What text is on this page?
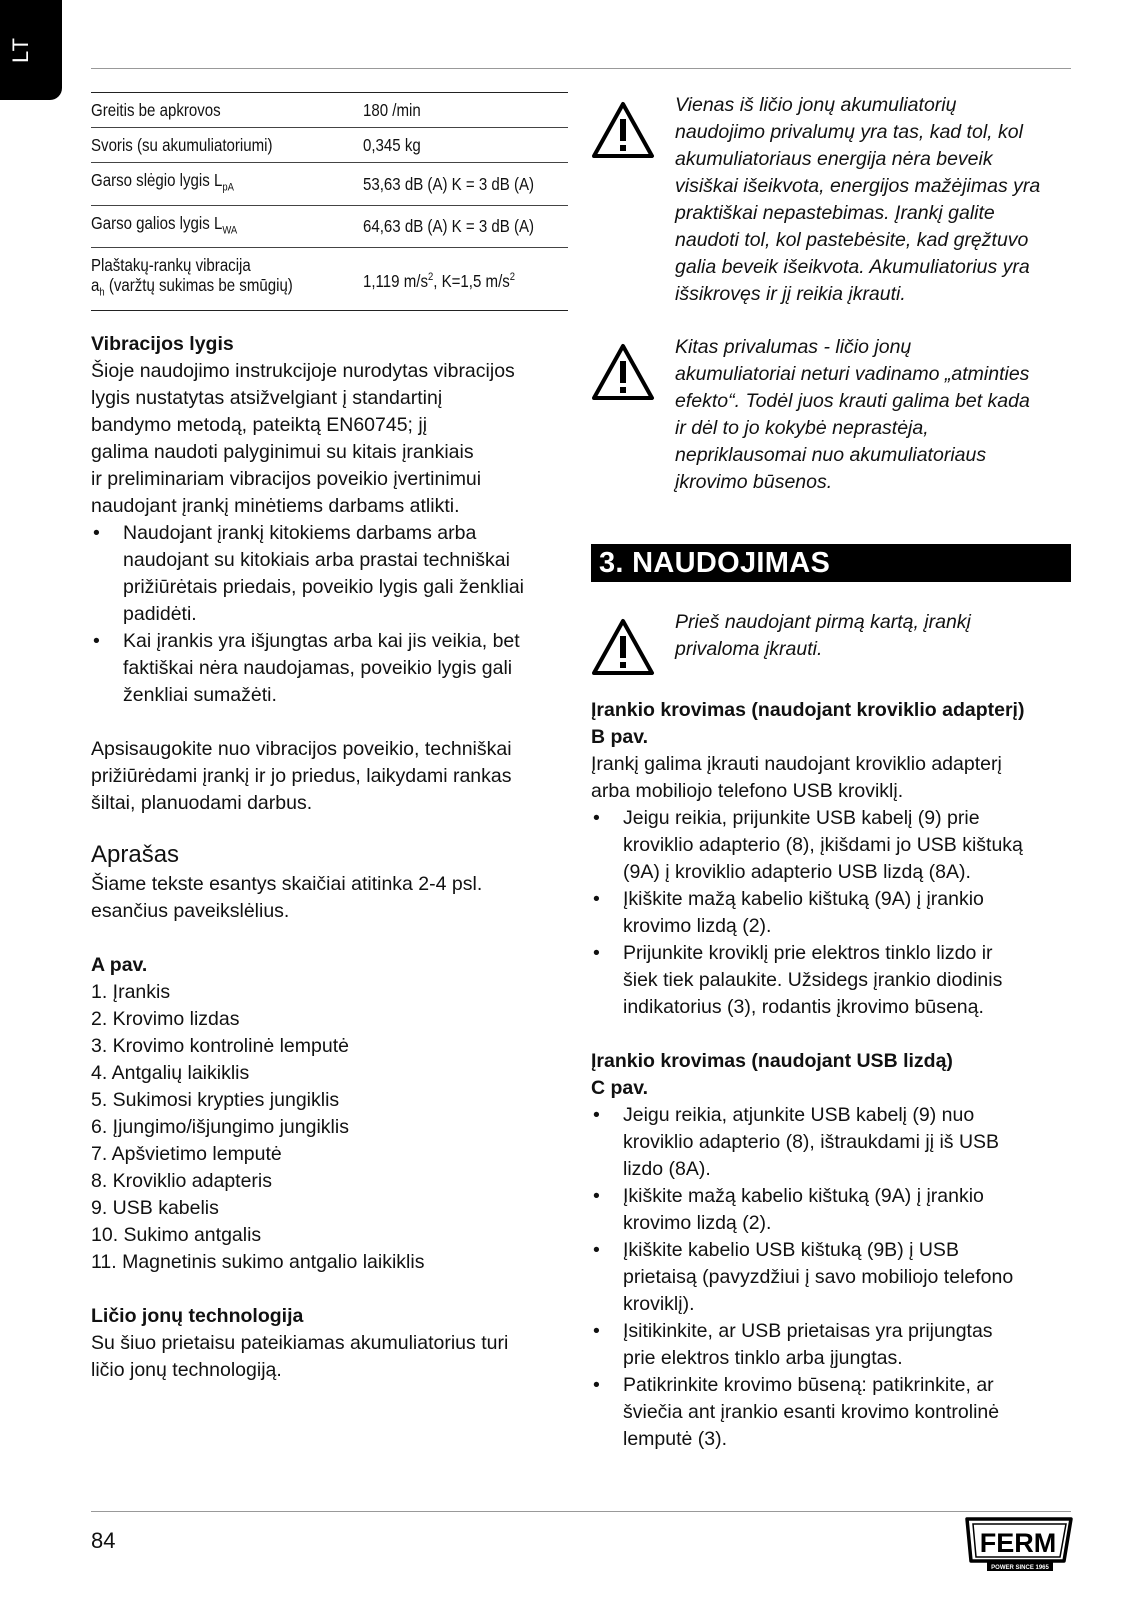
LT
Greitis be apkrovos	180 /min
Svoris (su akumuliatoriumi)	0,345 kg
Garso slėgio lygis $L_{pA}$	53,63 dB (A) K = 3 dB (A)
Garso galios lygis $L_{WA}$	64,63 dB (A) K = 3 dB (A)
Plaštakų-rankų vibracija
$a_h$ (varžtų sukimas be smūgių)	1,119 $m/s^2$, K=1,5 $m/s^2$

Vibracijos lygis

Šioje naudojimo instrukcijoje nurodytas vibracijos
lygis nustatytas atsižvelgiant į standartinį
bandymo metodą, pateiktą EN60745; jį
galima naudoti palyginimui su kitais įrankiais
ir preliminariam vibracijos poveikio įvertinimui
naudojant įrankį minėtiems darbams atlikti.

• Naudojant įrankį kitokiems darbams arba
naudojant su kitokiais arba prastai techniškai
prižiūrėtais priedais, poveikio lygis gali ženkliai
padidėti.
• Kai įrankis yra išjungtas arba kai jis veikia, bet
faktiškai nėra naudojamas, poveikio lygis gali
ženkliai sumažėti.

Apsisaugokite nuo vibracijos poveikio, techniškai
prižiūrėdami įrankį ir jo priedus, laikydami rankas
šiltai, planuodami darbus.

Aprašas

Šiame tekste esantys skaičiai atitinka 2-4 psl.
esančius paveikslėlius.

A pav.

1. Įrankis
2. Krovimo lizdas
3. Krovimo kontrolinė lemputė
4. Antgalių laikiklis
5. Sukimosi krypties jungiklis
6. Įjungimo/išjungimo jungiklis
7. Apšvietimo lemputė
8. Kroviklio adapteris
9. USB kabelis
10. Sukimo antgalis
11. Magnetinis sukimo antgalio laikiklis

Ličio jonų technologija

Su šiuo prietaisu pateikiamas akumuliatorius turi
ličio jonų technologiją.

Vienas iš ličio jonų akumuliatorių
naudojimo privalumų yra tas, kad tol, kol
akumuliatoriaus energija nėra beveik
visiškai išeikvota, energijos mažėjimas yra
praktiškai nepastebimas. Įrankį galite
naudoti tol, kol pastebėsite, kad gręžtuvo
galia beveik išeikvota. Akumuliatorius yra
išsikrovęs ir jį reikia įkrauti.
Kitas privalumas - ličio jonų
akumuliatoriai neturi vadinamo „atminties
efekto“. Todėl juos krauti galima bet kada
ir dėl to jo kokybė neprastėja,
nepriklausomai nuo akumuliatoriaus
įkrovimo būsenos.
3. NAUDOJIMAS
Prieš naudojant pirmą kartą, įrankį
privaloma įkrauti.

Įrankio krovimas (naudojant kroviklio adapterį)
B pav.

Įrankį galima įkrauti naudojant kroviklio adapterį
arba mobiliojo telefono USB kroviklį.

• Jeigu reikia, prijunkite USB kabelį (9) prie
kroviklio adapterio (8), įkišdami jo USB kištuką
(9A) į kroviklio adapterio USB lizdą (8A).
• Įkiškite mažą kabelio kištuką (9A) į įrankio
krovimo lizdą (2).
• Prijunkite kroviklį prie elektros tinklo lizdo ir
šiek tiek palaukite. Užsidegs įrankio diodinis
indikatorius (3), rodantis įkrovimo būseną.

Įrankio krovimas (naudojant USB lizdą)
C pav.

• Jeigu reikia, atjunkite USB kabelį (9) nuo
kroviklio adapterio (8), ištraukdami jį iš USB
lizdo (8A).
• Įkiškite mažą kabelio kištuką (9A) į įrankio
krovimo lizdą (2).
• Įkiškite kabelio USB kištuką (9B) į USB
prietaisą (pavyzdžiui į savo mobiliojo telefono
kroviklį).
• Įsitikinkite, ar USB prietaisas yra prijungtas
prie elektros tinklo arba įjungtas.
• Patikrinkite krovimo būseną: patikrinkite, ar
šviečia ant įrankio esanti krovimo kontrolinė
lemputė (3).
84	FERM
POWER SINCE 1965
